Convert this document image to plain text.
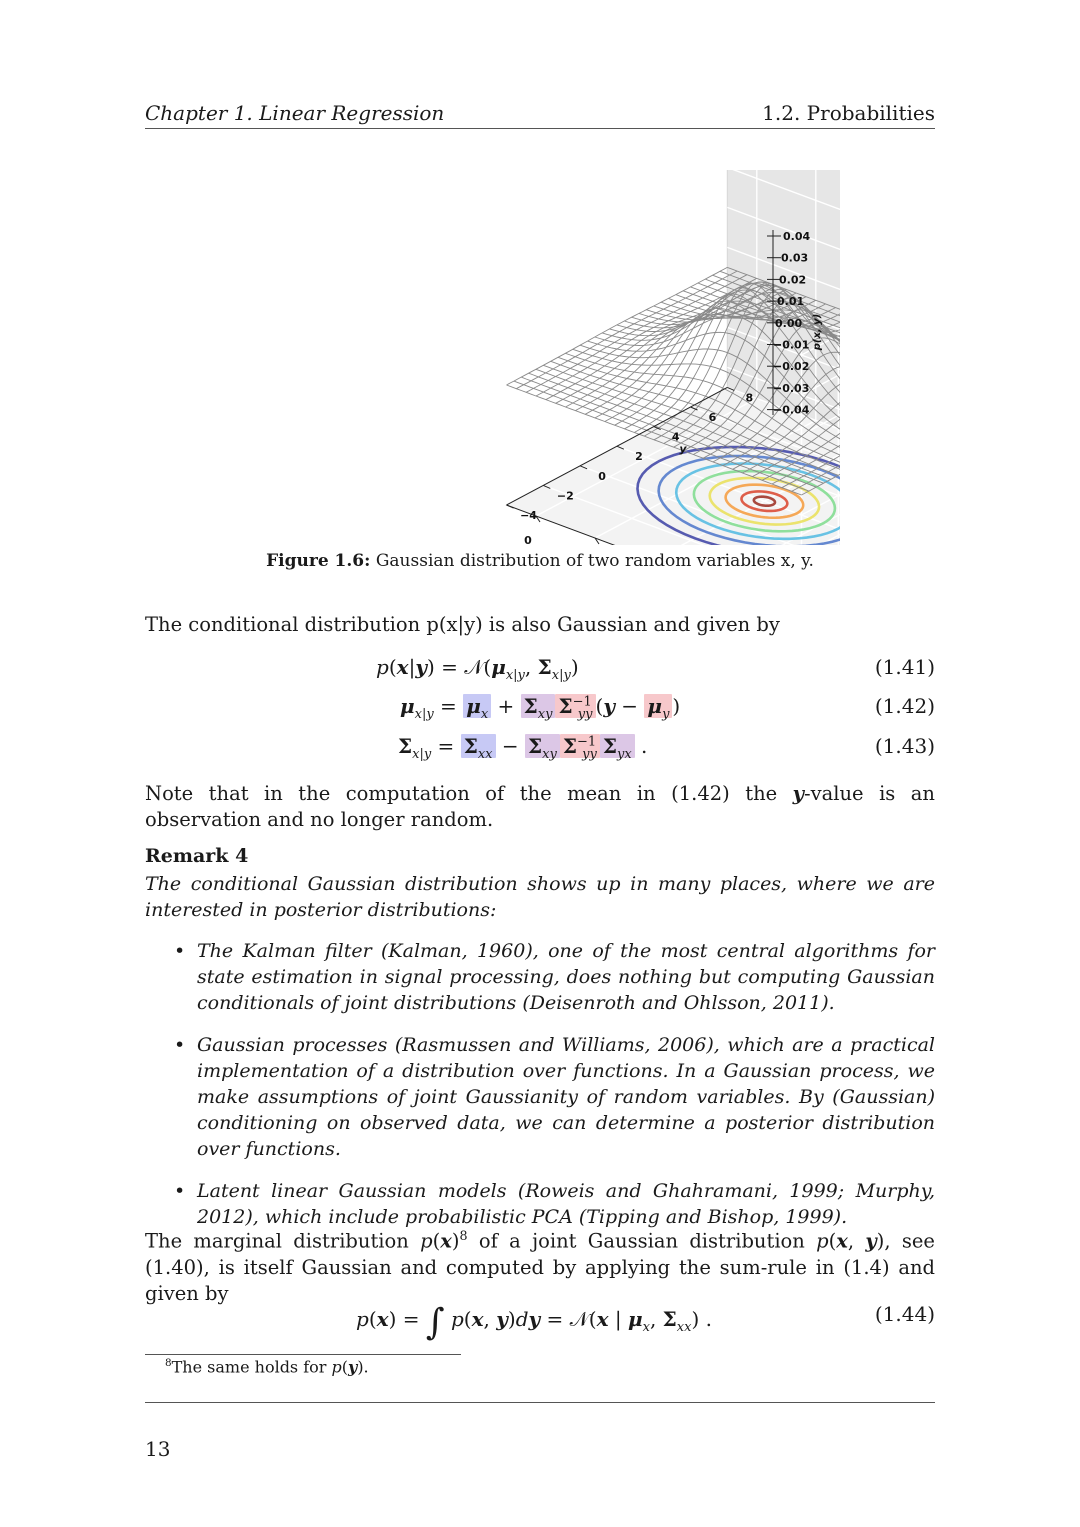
Chapter 1. Linear Regression	1.2. Probabilities
0
−4
−2
0
2
4
6
8
y
0.04
0.03
0.02
0.01
0.00
−0.01
−0.02
−0.03
−0.04
p(x, y)
Figure 1.6: Gaussian distribution of two random variables x, y.
The conditional distribution p(x|y) is also Gaussian and given by
$p(x|y) = 𝒩(\mu_{x|y}$, $\Sigma_{x|y}$)	(1.41)
$\mu_{x|y} = \mu_x + \Sigma_{xy}$ $\Sigma^{-1}_{yy}$ ($y - \mu_y$ )	(1.42)
$\Sigma_{x|y} = \Sigma_{xx} - \Sigma_{xy}$ $\Sigma^{-1}_{yy}$ $\Sigma_{yx}$ .	(1.43)
Note that in the computation of the mean in (1.42) the y-value is an observation and no longer random.
Remark 4
The conditional Gaussian distribution shows up in many places, where we are interested in posterior distributions:
• The Kalman filter (Kalman, 1960), one of the most central algorithms for state estimation in signal processing, does nothing but computing Gaussian conditionals of joint distributions (Deisenroth and Ohlsson, 2011).
• Gaussian processes (Rasmussen and Williams, 2006), which are a practical implementation of a distribution over functions. In a Gaussian process, we make assumptions of joint Gaussianity of random variables. By (Gaussian) conditioning on observed data, we can determine a posterior distribution over functions.
• Latent linear Gaussian models (Roweis and Ghahramani, 1999; Murphy, 2012), which include probabilistic PCA (Tipping and Bishop, 1999).
The marginal distribution $p(x)^8$ of a joint Gaussian distribution p(x, y), see (1.40), is itself Gaussian and computed by applying the sum-rule in (1.4) and given by
p(x) = ∫ p(x, y)dy = 𝒩(x | $\mu_x$, $\Sigma_{xx}$) .	(1.44)
$^8$The same holds for p(y).
13
